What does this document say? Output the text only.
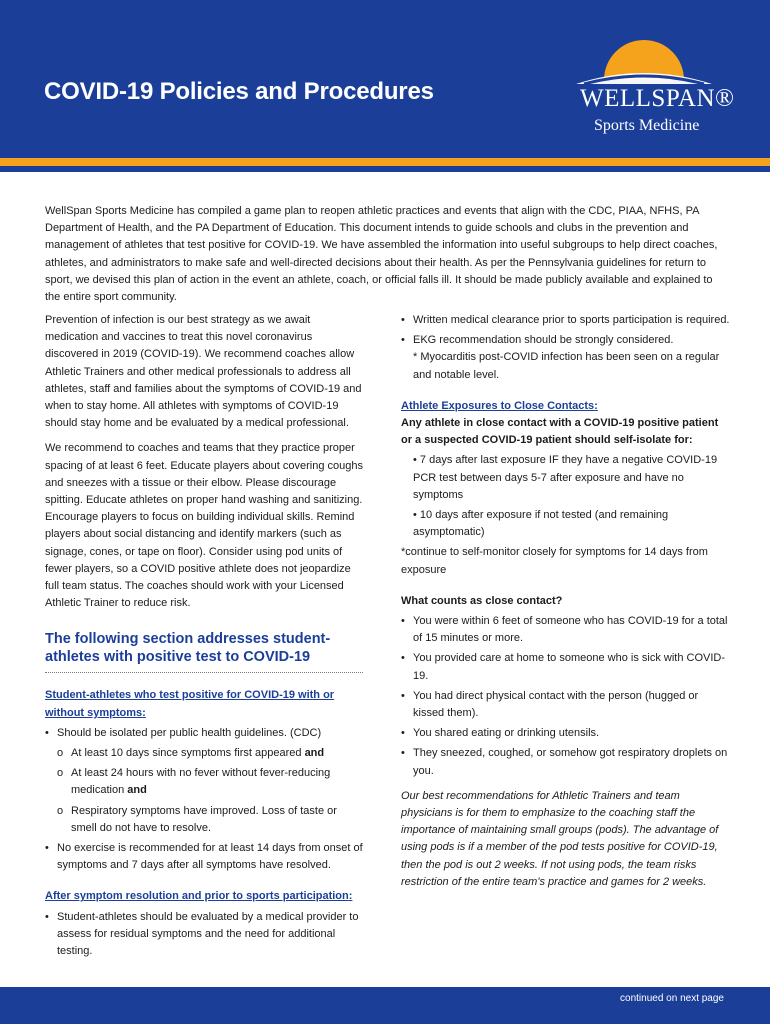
COVID-19 Policies and Procedures	WELLSPAN®
Sports Medicine

WellSpan Sports Medicine has compiled a game plan to reopen athletic practices and events that align with the CDC, PIAA, NFHS, PA Department of Health, and the PA Department of Education. This document intends to guide schools and clubs in the prevention and management of athletes that test positive for COVID-19. We have assembled the information into useful subgroups to help direct coaches, athletes, and administrators to make safe and well-directed decisions about their health. As per the Pennsylvania guidelines for return to sport, we devised this plan of action in the event an athlete, coach, or official falls ill. It should be made publicly available and explained to the entire sport community.

Prevention of infection is our best strategy as we await medication and vaccines to treat this novel coronavirus discovered in 2019 (COVID-19). We recommend coaches allow Athletic Trainers and other medical professionals to address all athletes, staff and families about the symptoms of COVID-19 and when to stay home. All athletes with symptoms of COVID-19 should stay home and be evaluated by a medical professional.

We recommend to coaches and teams that they practice proper spacing of at least 6 feet. Educate players about covering coughs and sneezes with a tissue or their elbow. Please discourage spitting. Educate athletes on proper hand washing and sanitizing. Encourage players to focus on building individual skills. Remind players about social distancing and identify markers (such as signage, cones, or tape on floor). Consider using pod units of fewer players, so a COVID positive athlete does not jeopardize full team status. The coaches should work with your Licensed Athletic Trainer to reduce risk.

The following section addresses student-athletes with positive test to COVID-19

Student-athletes who test positive for COVID-19 with or without symptoms:

• Should be isolated per public health guidelines. (CDC)
o At least 10 days since symptoms first appeared and
o At least 24 hours with no fever without fever-reducing medication and
o Respiratory symptoms have improved. Loss of taste or smell do not have to resolve.
• No exercise is recommended for at least 14 days from onset of symptoms and 7 days after all symptoms have resolved.

After symptom resolution and prior to sports participation:

• Student-athletes should be evaluated by a medical provider to assess for residual symptoms and the need for additional testing.
• Written medical clearance prior to sports participation is required.
• EKG recommendation should be strongly considered.

* Myocarditis post-COVID infection has been seen on a regular and notable level.

Athlete Exposures to Close Contacts:

Any athlete in close contact with a COVID-19 positive patient or a suspected COVID-19 patient should self-isolate for:

• 7 days after last exposure IF they have a negative COVID-19 PCR test between days 5-7 after exposure and have no symptoms

• 10 days after exposure if not tested (and remaining asymptomatic)

*continue to self-monitor closely for symptoms for 14 days from exposure

What counts as close contact?

• You were within 6 feet of someone who has COVID-19 for a total of 15 minutes or more.
• You provided care at home to someone who is sick with COVID-19.
• You had direct physical contact with the person (hugged or kissed them).
• You shared eating or drinking utensils.
• They sneezed, coughed, or somehow got respiratory droplets on you.

Our best recommendations for Athletic Trainers and team physicians is for them to emphasize to the coaching staff the importance of maintaining small groups (pods). The advantage of using pods is if a member of the pod tests positive for COVID-19, then the pod is out 2 weeks. If not using pods, the team risks restriction of the entire team's practice and games for 2 weeks.

continued on next page
